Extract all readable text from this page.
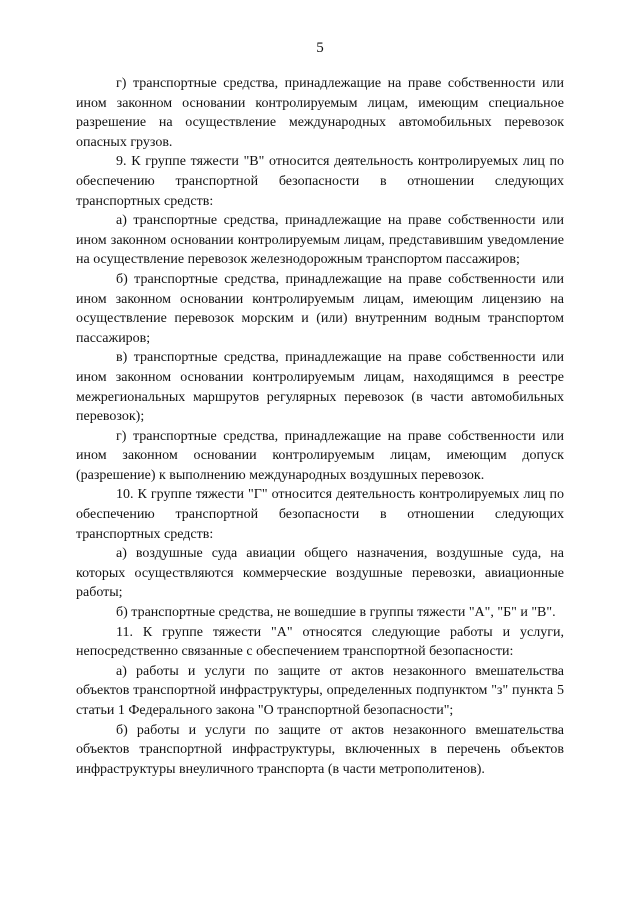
5

г) транспортные средства, принадлежащие на праве собственности или ином законном основании контролируемым лицам, имеющим специальное разрешение на осуществление международных автомобильных перевозок опасных грузов.

9. К группе тяжести "В" относится деятельность контролируемых лиц по обеспечению транспортной безопасности в отношении следующих транспортных средств:

а) транспортные средства, принадлежащие на праве собственности или ином законном основании контролируемым лицам, представившим уведомление на осуществление перевозок железнодорожным транспортом пассажиров;

б) транспортные средства, принадлежащие на праве собственности или ином законном основании контролируемым лицам, имеющим лицензию на осуществление перевозок морским и (или) внутренним водным транспортом пассажиров;

в) транспортные средства, принадлежащие на праве собственности или ином законном основании контролируемым лицам, находящимся в реестре межрегиональных маршрутов регулярных перевозок (в части автомобильных перевозок);

г) транспортные средства, принадлежащие на праве собственности или ином законном основании контролируемым лицам, имеющим допуск (разрешение) к выполнению международных воздушных перевозок.

10. К группе тяжести "Г" относится деятельность контролируемых лиц по обеспечению транспортной безопасности в отношении следующих транспортных средств:

а) воздушные суда авиации общего назначения, воздушные суда, на которых осуществляются коммерческие воздушные перевозки, авиационные работы;

б) транспортные средства, не вошедшие в группы тяжести "А", "Б" и "В".

11. К группе тяжести "А" относятся следующие работы и услуги, непосредственно связанные с обеспечением транспортной безопасности:

а) работы и услуги по защите от актов незаконного вмешательства объектов транспортной инфраструктуры, определенных подпунктом "з" пункта 5 статьи 1 Федерального закона "О транспортной безопасности";

б) работы и услуги по защите от актов незаконного вмешательства объектов транспортной инфраструктуры, включенных в перечень объектов инфраструктуры внеуличного транспорта (в части метрополитенов).
